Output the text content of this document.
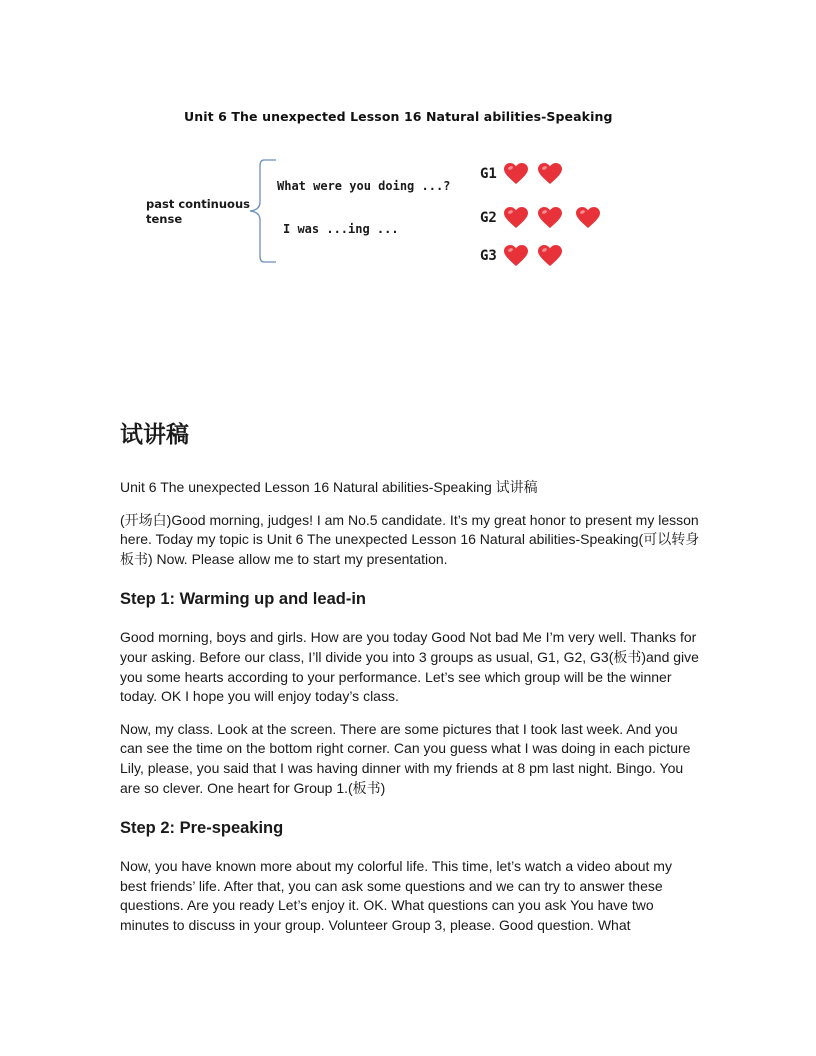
Unit 6 The unexpected Lesson 16 Natural abilities-Speaking
past continuous tense
What were you doing ...?
I was ...ing ...
G1
G2
G3
试讲稿

Unit 6 The unexpected Lesson 16 Natural abilities-Speaking 试讲稿

(开场白)Good morning, judges! I am No.5 candidate. It’s my great honor to present my lesson here. Today my topic is Unit 6 The unexpected Lesson 16 Natural abilities-Speaking(可以转身板书) Now. Please allow me to start my presentation.

Step 1: Warming up and lead-in

Good morning, boys and girls. How are you today Good Not bad Me I’m very well. Thanks for your asking. Before our class, I’ll divide you into 3 groups as usual, G1, G2, G3(板书)and give you some hearts according to your performance. Let’s see which group will be the winner today. OK I hope you will enjoy today’s class.

Now, my class. Look at the screen. There are some pictures that I took last week. And you can see the time on the bottom right corner. Can you guess what I was doing in each picture Lily, please, you said that I was having dinner with my friends at 8 pm last night. Bingo. You are so clever. One heart for Group 1.(板书)

Step 2: Pre-speaking

Now, you have known more about my colorful life. This time, let’s watch a video about my best friends’ life. After that, you can ask some questions and we can try to answer these questions. Are you ready Let’s enjoy it. OK. What questions can you ask You have two minutes to discuss in your group. Volunteer Group 3, please. Good question. What
